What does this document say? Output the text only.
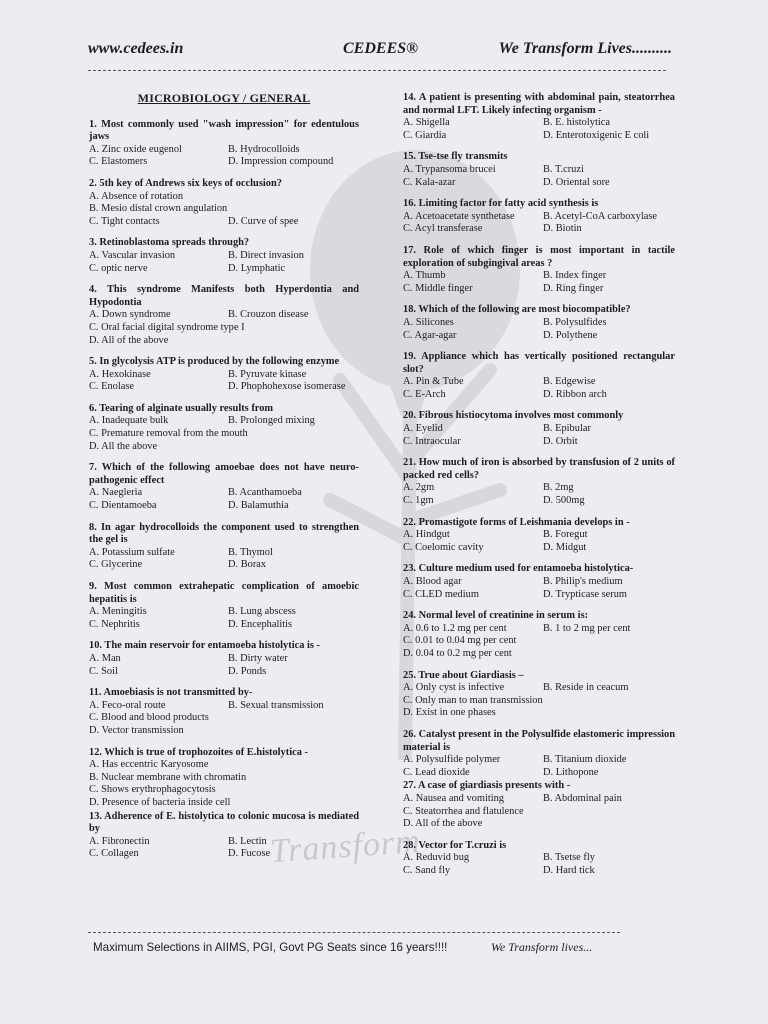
Transform
www.cedees.in	CEDEES®	We Transform Lives..........
MICROBIOLOGY / GENERAL
1. Most commonly used "wash impression" for edentulous jaws
A. Zinc oxide eugenol	B. Hydrocolloids
C. Elastomers	D. Impression compound
2. 5th key of Andrews six keys of occlusion?
A. Absence of rotation
B. Mesio distal crown angulation
C. Tight contacts	D. Curve of spee
3. Retinoblastoma spreads through?
A. Vascular invasion	B. Direct invasion
C. optic nerve	D. Lymphatic
4. This syndrome Manifests both Hyperdontia and Hypodontia
A. Down syndrome	B. Crouzon disease
C. Oral facial digital syndrome type I
D. All of the above
5. In glycolysis ATP is produced by the following enzyme
A. Hexokinase	B. Pyruvate kinase
C. Enolase	D. Phophohexose isomerase
6. Tearing of alginate usually results from
A. Inadequate bulk	B. Prolonged mixing
C. Premature removal from the mouth
D. All the above
7. Which of the following amoebae does not have neuro-pathogenic effect
A. Naegleria	B. Acanthamoeba
C. Dientamoeba	D. Balamuthia
8. In agar hydrocolloids the component used to strengthen the gel is
A. Potassium sulfate	B. Thymol
C. Glycerine	D. Borax
9. Most common extrahepatic complication of amoebic hepatitis is
A. Meningitis	B. Lung abscess
C. Nephritis	D. Encephalitis
10. The main reservoir for entamoeba histolytica is -
A. Man	B. Dirty water
C. Soil	D. Ponds
11. Amoebiasis is not transmitted by-
A. Feco-oral route	B. Sexual transmission
C. Blood and blood products
D. Vector transmission
12. Which is true of trophozoites of E.histolytica -
A. Has eccentric Karyosome
B. Nuclear membrane with chromatin
C. Shows erythrophagocytosis
D. Presence of bacteria inside cell
13. Adherence of E. histolytica to colonic mucosa is mediated by
A. Fibronectin	B. Lectin
C. Collagen	D. Fucose
14. A patient is presenting with abdominal pain, steatorrhea and normal LFT. Likely infecting organism -
A. Shigella	B. E. histolytica
C. Giardia	D. Enterotoxigenic E coli
15. Tse-tse fly transmits
A. Trypansoma brucei	B. T.cruzi
C. Kala-azar	D. Oriental sore
16. Limiting factor for fatty acid synthesis is
A. Acetoacetate synthetase	B. Acetyl-CoA carboxylase
C. Acyl transferase	D. Biotin
17. Role of which finger is most important in tactile exploration of subgingival areas ?
A. Thumb	B. Index finger
C. Middle finger	D. Ring finger
18. Which of the following are most biocompatible?
A. Silicones	B. Polysulfides
C. Agar-agar	D. Polythene
19. Appliance which has vertically positioned rectangular slot?
A. Pin & Tube	B. Edgewise
C. E-Arch	D. Ribbon arch
20. Fibrous histiocytoma involves most commonly
A. Eyelid	B. Epibular
C. Intraocular	D. Orbit
21. How much of iron is absorbed by transfusion of 2 units of packed red cells?
A. 2gm	B. 2mg
C. 1gm	D. 500mg
22. Promastigote forms of Leishmania develops in -
A. Hindgut	B. Foregut
C. Coelomic cavity	D. Midgut
23. Culture medium used for entamoeba histolytica-
A. Blood agar	B. Philip's medium
C. CLED medium	D. Trypticase serum
24. Normal level of creatinine in serum is:
A. 0.6 to 1.2 mg per cent	B. 1 to 2 mg per cent
C. 0.01 to 0.04 mg per cent
D. 0.04 to 0.2 mg per cent
25. True about Giardiasis –
A. Only cyst is infective	B. Reside in ceacum
C. Only man to man transmission
D. Exist in one phases
26. Catalyst present in the Polysulfide elastomeric impression material is
A. Polysulfide polymer	B. Titanium dioxide
C. Lead dioxide	D. Lithopone
27. A case of giardiasis presents with -
A. Nausea and vomiting	B. Abdominal pain
C. Steatorrhea and flatulence
D. All of the above
28. Vector for T.cruzi is
A. Reduvid bug	B. Tsetse fly
C. Sand fly	D. Hard tick
Maximum Selections in AIIMS, PGI, Govt PG Seats since 16 years!!!!	We Transform lives...
